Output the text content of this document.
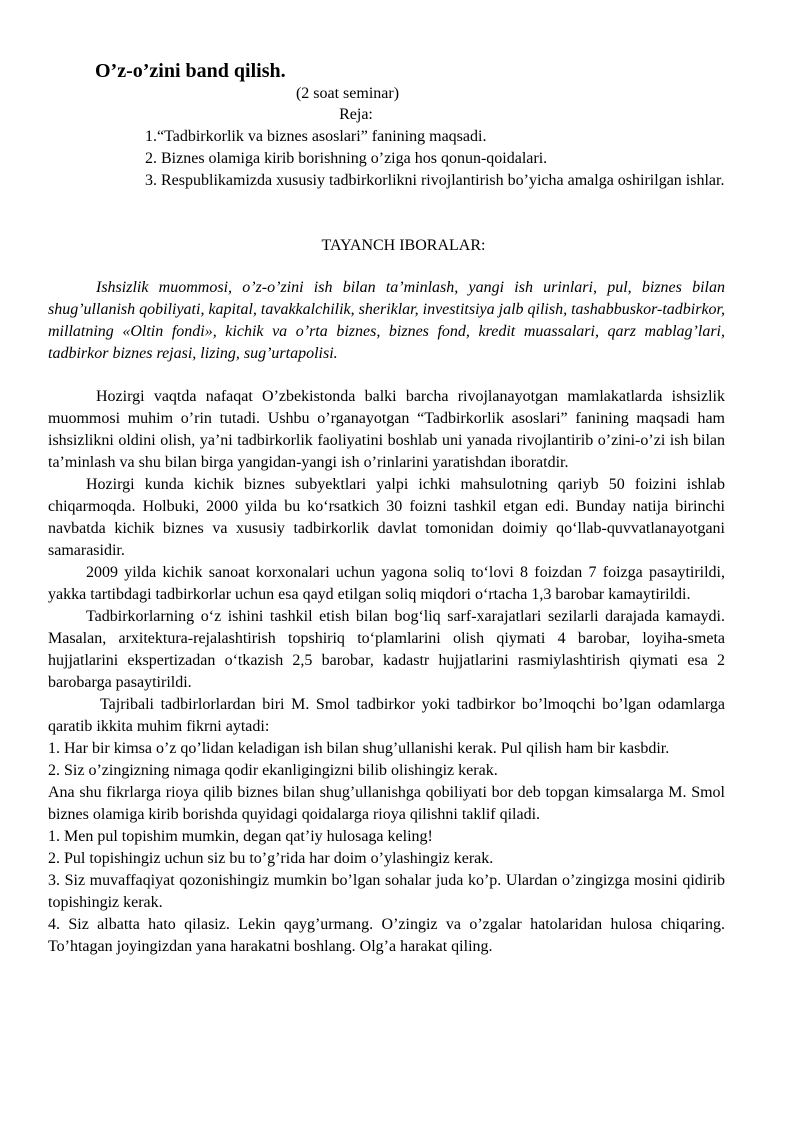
O’z-o’zini band qilish.
(2 soat seminar)
Reja:
1.“Tadbirkorlik va biznes asoslari” fanining maqsadi.
2. Biznes olamiga kirib borishning o’ziga hos qonun-qoidalari.
3. Respublikamizda xususiy tadbirkorlikni rivojlantirish bo’yicha amalga oshirilgan ishlar.
TAYANCH IBORALAR:
Ishsizlik muommosi, o’z-o’zini ish bilan ta’minlash, yangi ish urinlari, pul, biznes bilan shug’ullanish qobiliyati, kapital, tavakkalchilik, sheriklar, investitsiya jalb qilish, tashabbuskor-tadbirkor, millatning «Oltin fondi», kichik va o’rta biznes, biznes fond, kredit muassalari, qarz mablag’lari, tadbirkor biznes rejasi, lizing, sug’urtapolisi.

Hozirgi vaqtda nafaqat O’zbekistonda balki barcha rivojlanayotgan mamlakatlarda ishsizlik muommosi muhim o’rin tutadi. Ushbu o’rganayotgan “Tadbirkorlik asoslari” fanining maqsadi ham ishsizlikni oldini olish, ya’ni tadbirkorlik faoliyatini boshlab uni yanada rivojlantirib o’zini-o’zi ish bilan ta’minlash va shu bilan birga yangidan-yangi ish o’rinlarini yaratishdan iboratdir.

Hozirgi kunda kichik biznes subyektlari yalpi ichki mahsulotning qariyb 50 foizini ishlab chiqarmoqda. Holbuki, 2000 yilda bu ko‘rsatkich 30 foizni tashkil etgan edi. Bunday natija birinchi navbatda kichik biznes va xususiy tadbirkorlik davlat tomonidan doimiy qo‘llab-quvvatlanayotgani samarasidir.

2009 yilda kichik sanoat korxonalari uchun yagona soliq to‘lovi 8 foizdan 7 foizga pasaytirildi, yakka tartibdagi tadbirkorlar uchun esa qayd etilgan soliq miqdori o‘rtacha 1,3 barobar kamaytirildi.

Tadbirkorlarning o‘z ishini tashkil etish bilan bog‘liq sarf-xarajatlari sezilarli darajada kamaydi. Masalan, arxitektura-rejalashtirish topshiriq to‘plamlarini olish qiymati 4 barobar, loyiha-smeta hujjatlarini ekspertizadan o‘tkazish 2,5 barobar, kadastr hujjatlarini rasmiylashtirish qiymati esa 2 barobarga pasaytirildi.

Tajribali tadbirlorlardan biri M. Smol tadbirkor yoki tadbirkor bo’lmoqchi bo’lgan odamlarga qaratib ikkita muhim fikrni aytadi:

1. Har bir kimsa o’z qo’lidan keladigan ish bilan shug’ullanishi kerak. Pul qilish ham bir kasbdir.

2. Siz o’zingizning nimaga qodir ekanligingizni bilib olishingiz kerak.

Ana shu fikrlarga rioya qilib biznes bilan shug’ullanishga qobiliyati bor deb topgan kimsalarga M. Smol biznes olamiga kirib borishda quyidagi qoidalarga rioya qilishni taklif qiladi.

1. Men pul topishim mumkin, degan qat’iy hulosaga keling!

2. Pul topishingiz uchun siz bu to’g’rida har doim o’ylashingiz kerak.

3. Siz muvaffaqiyat qozonishingiz mumkin bo’lgan sohalar juda ko’p. Ulardan o’zingizga mosini qidirib topishingiz kerak.

4. Siz albatta hato qilasiz. Lekin qayg’urmang. O’zingiz va o’zgalar hatolaridan hulosa chiqaring. To’htagan joyingizdan yana harakatni boshlang. Olg’a harakat qiling.
